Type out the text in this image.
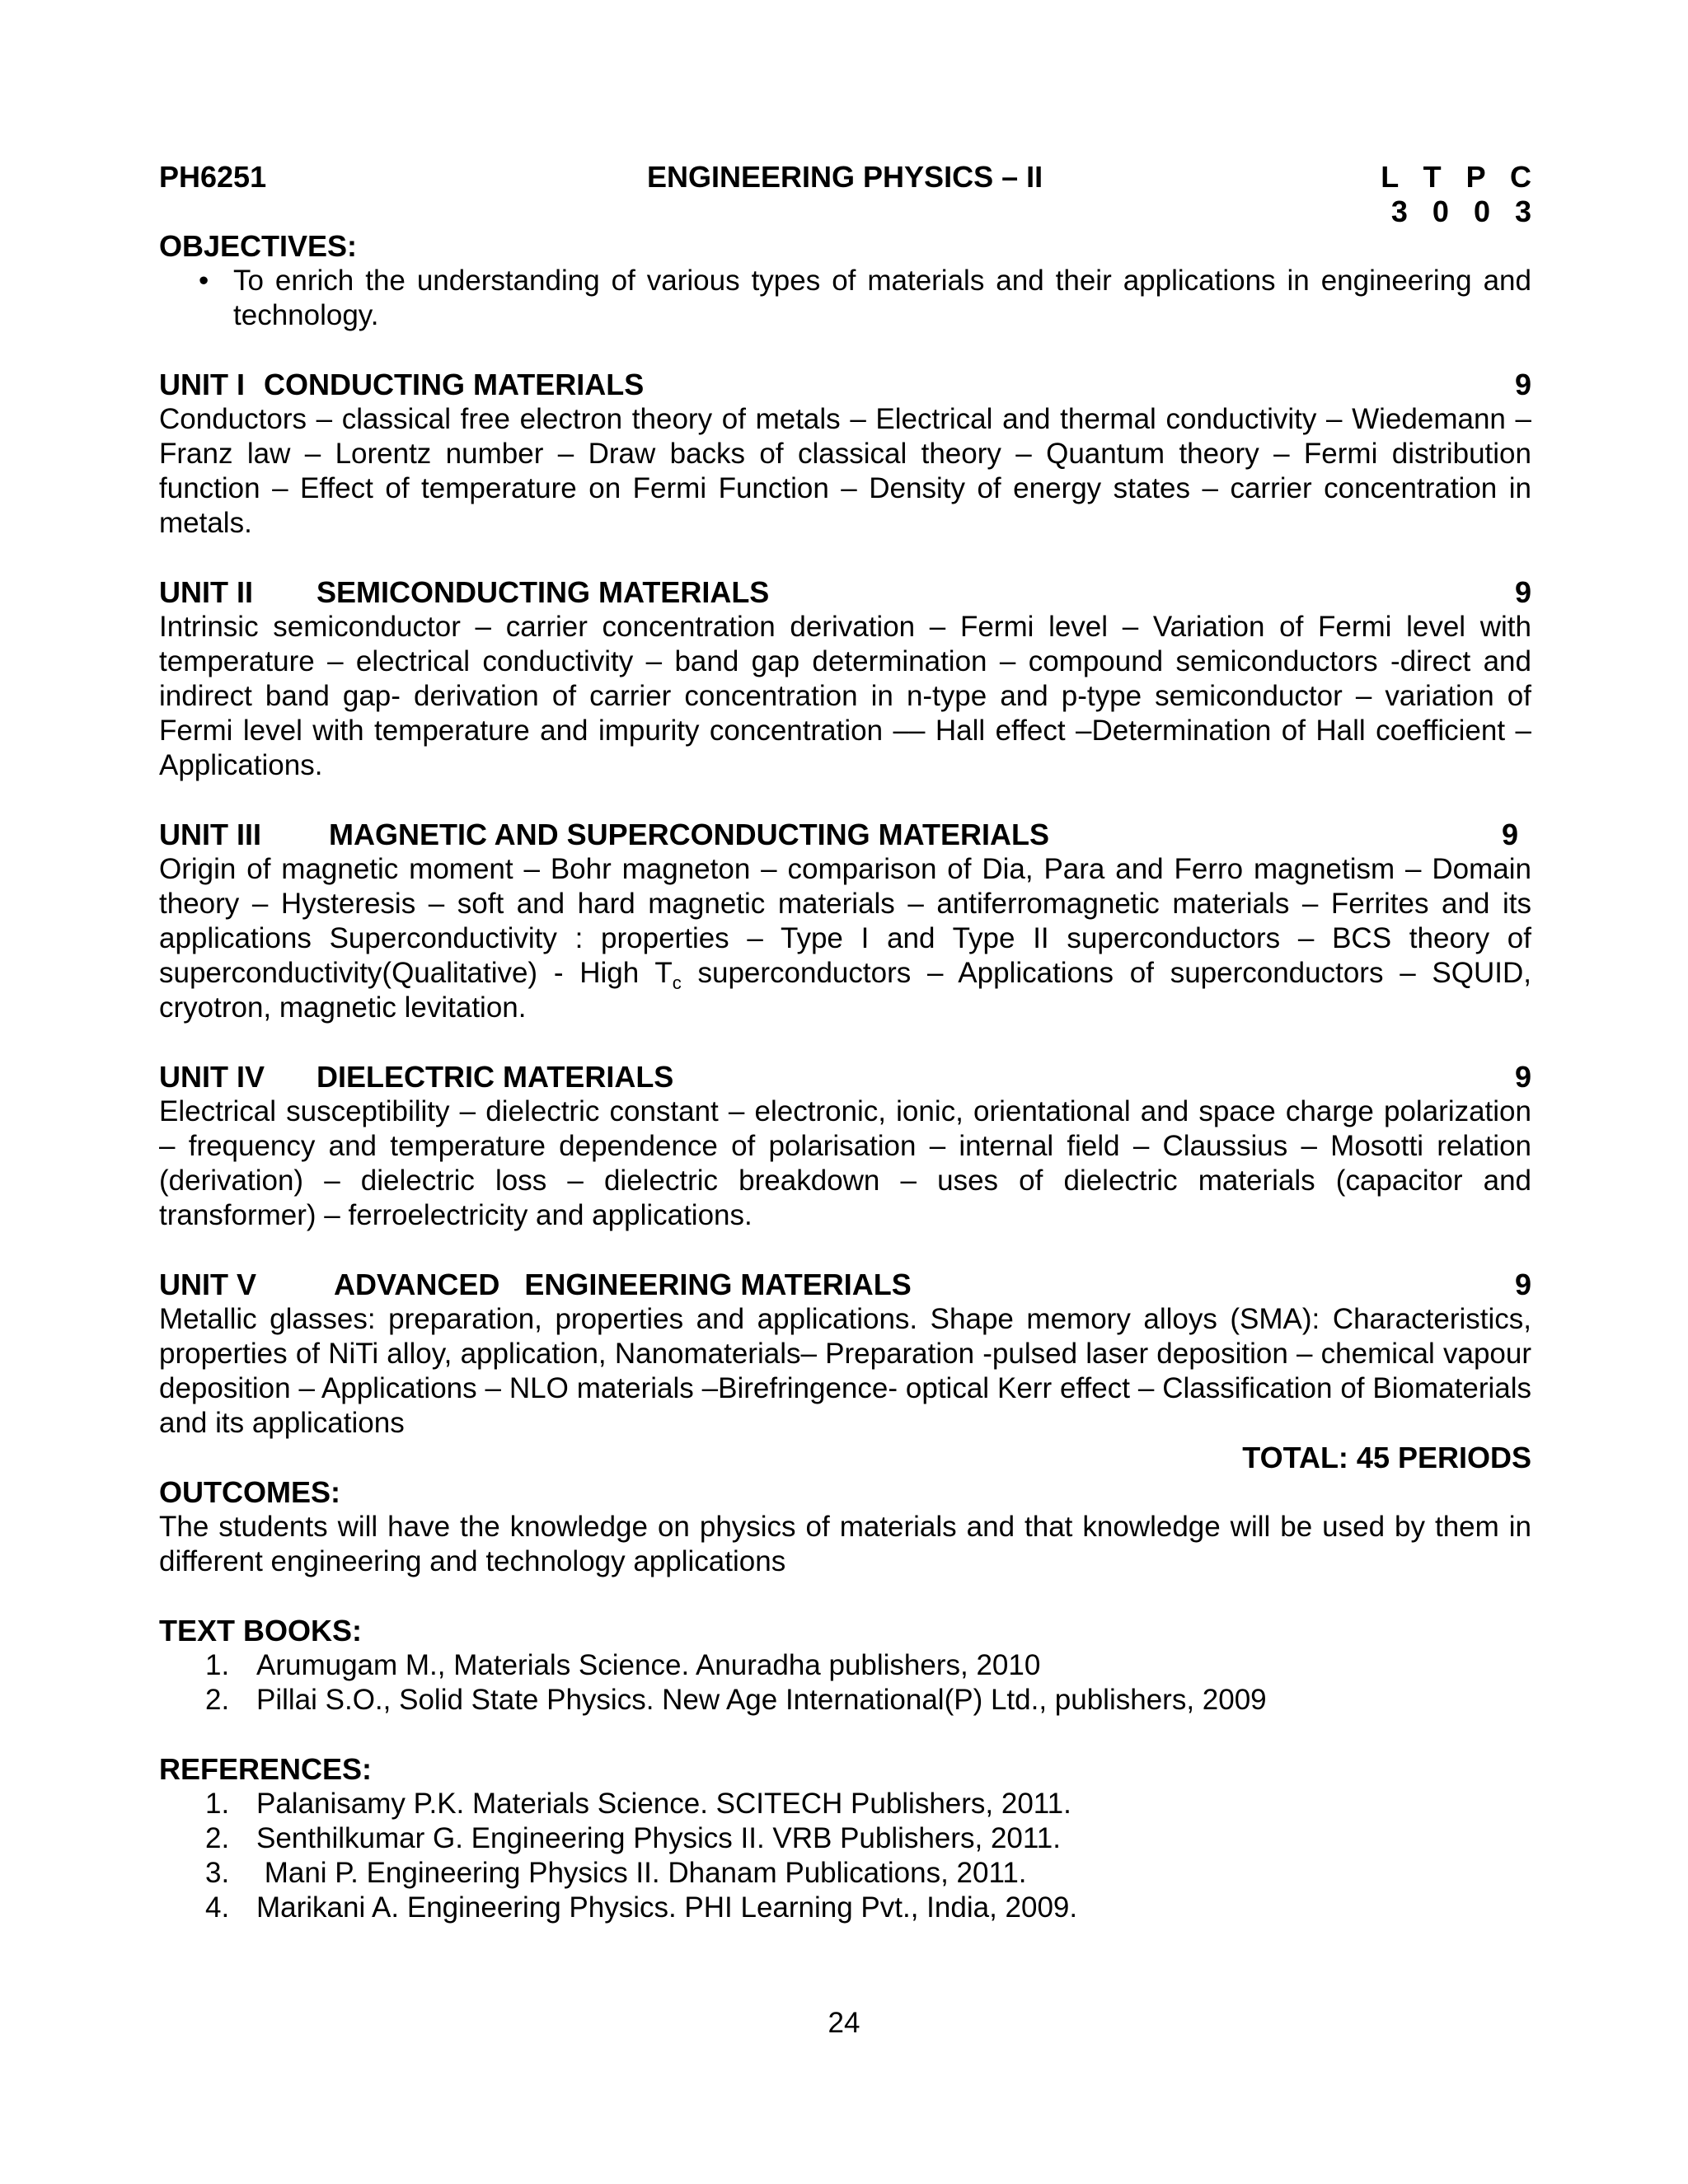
PH6251	ENGINEERING PHYSICS – II	L T P C
3 0 0 3
OBJECTIVES:
• To enrich the understanding of various types of materials and their applications in engineering and technology.
UNIT I CONDUCTING MATERIALS	9
Conductors – classical free electron theory of metals – Electrical and thermal conductivity – Wiedemann – Franz law – Lorentz number – Draw backs of classical theory – Quantum theory – Fermi distribution function – Effect of temperature on Fermi Function – Density of energy states – carrier concentration in metals.
UNIT II SEMICONDUCTING MATERIALS	9
Intrinsic semiconductor – carrier concentration derivation – Fermi level – Variation of Fermi level with temperature – electrical conductivity – band gap determination – compound semiconductors -direct and indirect band gap- derivation of carrier concentration in n-type and p-type semiconductor – variation of Fermi level with temperature and impurity concentration –– Hall effect –Determination of Hall coefficient – Applications.
UNIT III MAGNETIC AND SUPERCONDUCTING MATERIALS	9
Origin of magnetic moment – Bohr magneton – comparison of Dia, Para and Ferro magnetism – Domain theory – Hysteresis – soft and hard magnetic materials – antiferromagnetic materials – Ferrites and its applications Superconductivity : properties – Type I and Type II superconductors – BCS theory of superconductivity(Qualitative) - High $T_c$ superconductors – Applications of superconductors – SQUID, cryotron, magnetic levitation.
UNIT IV DIELECTRIC MATERIALS	9
Electrical susceptibility – dielectric constant – electronic, ionic, orientational and space charge polarization – frequency and temperature dependence of polarisation – internal field – Claussius – Mosotti relation (derivation) – dielectric loss – dielectric breakdown – uses of dielectric materials (capacitor and transformer) – ferroelectricity and applications.
UNIT V	ADVANCED   ENGINEERING MATERIALS	9
Metallic glasses: preparation, properties and applications. Shape memory alloys (SMA): Characteristics, properties of NiTi alloy, application, Nanomaterials– Preparation -pulsed laser deposition – chemical vapour deposition – Applications – NLO materials –Birefringence- optical Kerr effect – Classification of Biomaterials and its applications
TOTAL: 45 PERIODS
OUTCOMES:
The students will have the knowledge on physics of materials and that knowledge will be used by them in different engineering and technology applications
TEXT BOOKS:
1. Arumugam M., Materials Science. Anuradha publishers, 2010
2. Pillai S.O., Solid State Physics. New Age International(P) Ltd., publishers, 2009
REFERENCES:
1. Palanisamy P.K. Materials Science. SCITECH Publishers, 2011.
2. Senthilkumar G. Engineering Physics II. VRB Publishers, 2011.
3. Mani P. Engineering Physics II. Dhanam Publications, 2011.
4. Marikani A. Engineering Physics. PHI Learning Pvt., India, 2009.
24
